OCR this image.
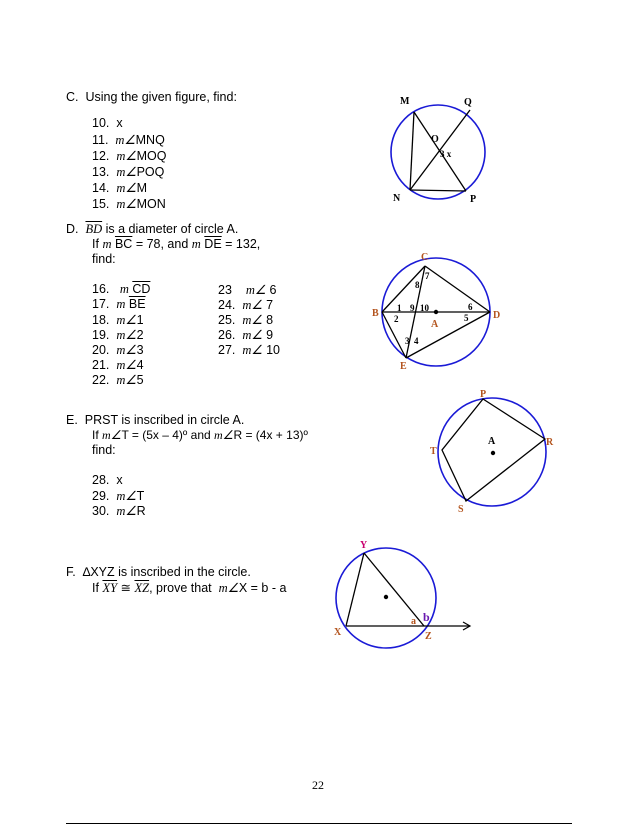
C. Using the given figure, find:
10. x
11. m∠MNQ
12. m∠MOQ
13. m∠POQ
14. m∠M
15. m∠MON
M	Q
O
3 x
N	P
D. $\overline{BD}$ is a diameter of circle A.
If m $\overline{BC} = 78$, and m $\overline{DE} = 132$,
find:
16. m $\overline{CD}$
17. m $\overline{BE}$
18. m∠1
19. m∠2
20. m∠3
21. m∠4
22. m∠5
23 m∠ 6
24. m∠ 7
25. m∠ 8
26. m∠ 9
27. m∠ 10
C
B	D
E
A
7
8
1
2
9 10	6
5
3 4
E. PRST is inscribed in circle A.
If m∠T = (5x – 4)º and m∠R = (4x + 13)º
find:
28. x
29. m∠T
30. m∠R
P
R
S
T
A
F. ∆XYZ is inscribed in the circle.
If $\overline{XY}$ ≅ $\overline{XZ}$, prove that m∠X = b - a
Y
X	Z
a b
22
